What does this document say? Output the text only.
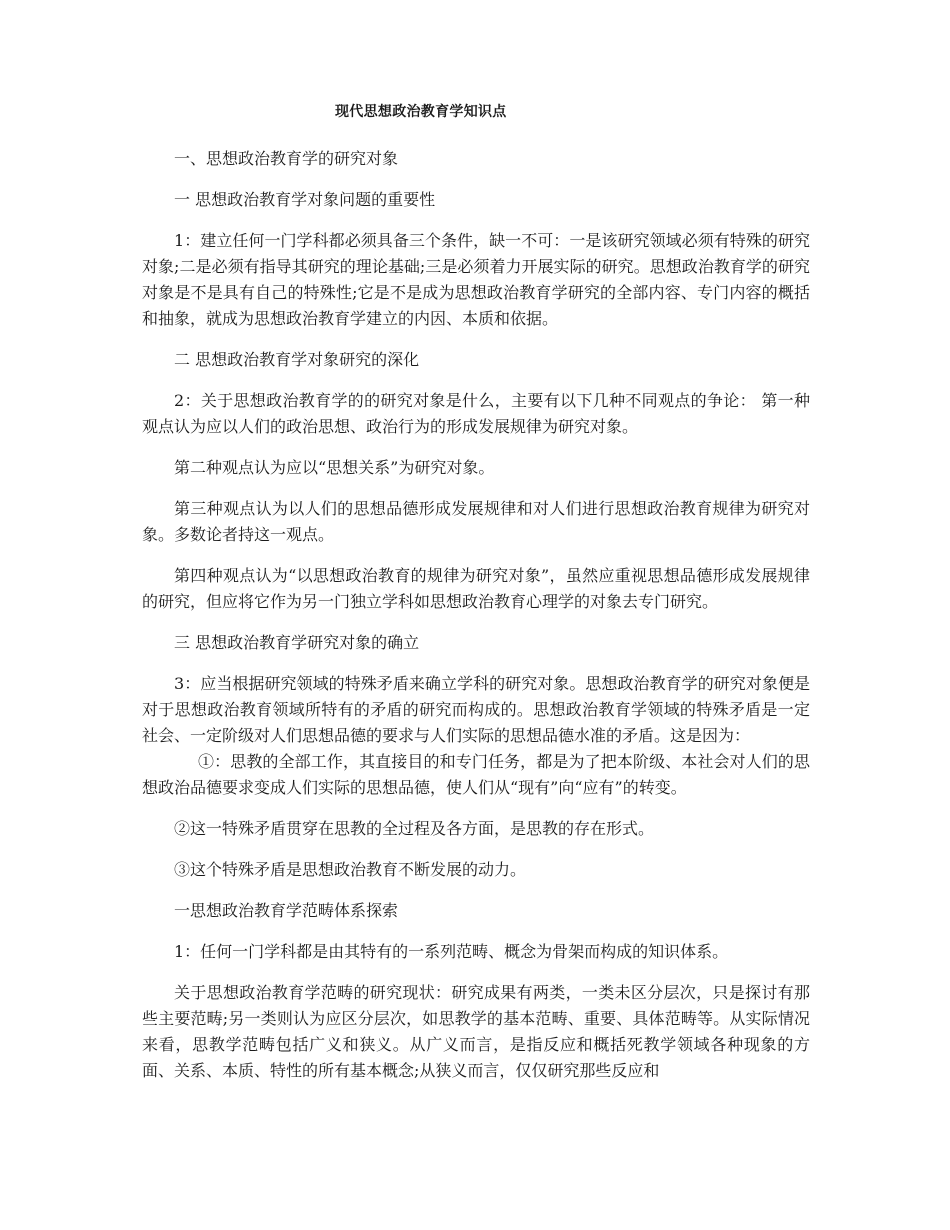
现代思想政治教育学知识点

一、思想政治教育学的研究对象

一 思想政治教育学对象问题的重要性

1：建立任何一门学科都必须具备三个条件，缺一不可：一是该研究领域必须有特殊的研究对象;二是必须有指导其研究的理论基础;三是必须着力开展实际的研究。思想政治教育学的研究对象是不是具有自己的特殊性;它是不是成为思想政治教育学研究的全部内容、专门内容的概括和抽象，就成为思想政治教育学建立的内因、本质和依据。

二 思想政治教育学对象研究的深化

2：关于思想政治教育学的的研究对象是什么，主要有以下几种不同观点的争论： 第一种观点认为应以人们的政治思想、政治行为的形成发展规律为研究对象。

第二种观点认为应以“思想关系”为研究对象。

第三种观点认为以人们的思想品德形成发展规律和对人们进行思想政治教育规律为研究对象。多数论者持这一观点。

第四种观点认为“以思想政治教育的规律为研究对象”，虽然应重视思想品德形成发展规律的研究，但应将它作为另一门独立学科如思想政治教育心理学的对象去专门研究。

三 思想政治教育学研究对象的确立

3：应当根据研究领域的特殊矛盾来确立学科的研究对象。思想政治教育学的研究对象便是对于思想政治教育领域所特有的矛盾的研究而构成的。思想政治教育学领域的特殊矛盾是一定社会、一定阶级对人们思想品德的要求与人们实际的思想品德水准的矛盾。这是因为：

①：思教的全部工作，其直接目的和专门任务，都是为了把本阶级、本社会对人们的思想政治品德要求变成人们实际的思想品德，使人们从“现有”向“应有”的转变。

②这一特殊矛盾贯穿在思教的全过程及各方面，是思教的存在形式。

③这个特殊矛盾是思想政治教育不断发展的动力。

一思想政治教育学范畴体系探索

1：任何一门学科都是由其特有的一系列范畴、概念为骨架而构成的知识体系。

关于思想政治教育学范畴的研究现状：研究成果有两类，一类未区分层次，只是探讨有那些主要范畴;另一类则认为应区分层次，如思教学的基本范畴、重要、具体范畴等。从实际情况来看，思教学范畴包括广义和狭义。从广义而言，是指反应和概括死教学领域各种现象的方面、关系、本质、特性的所有基本概念;从狭义而言，仅仅研究那些反应和
